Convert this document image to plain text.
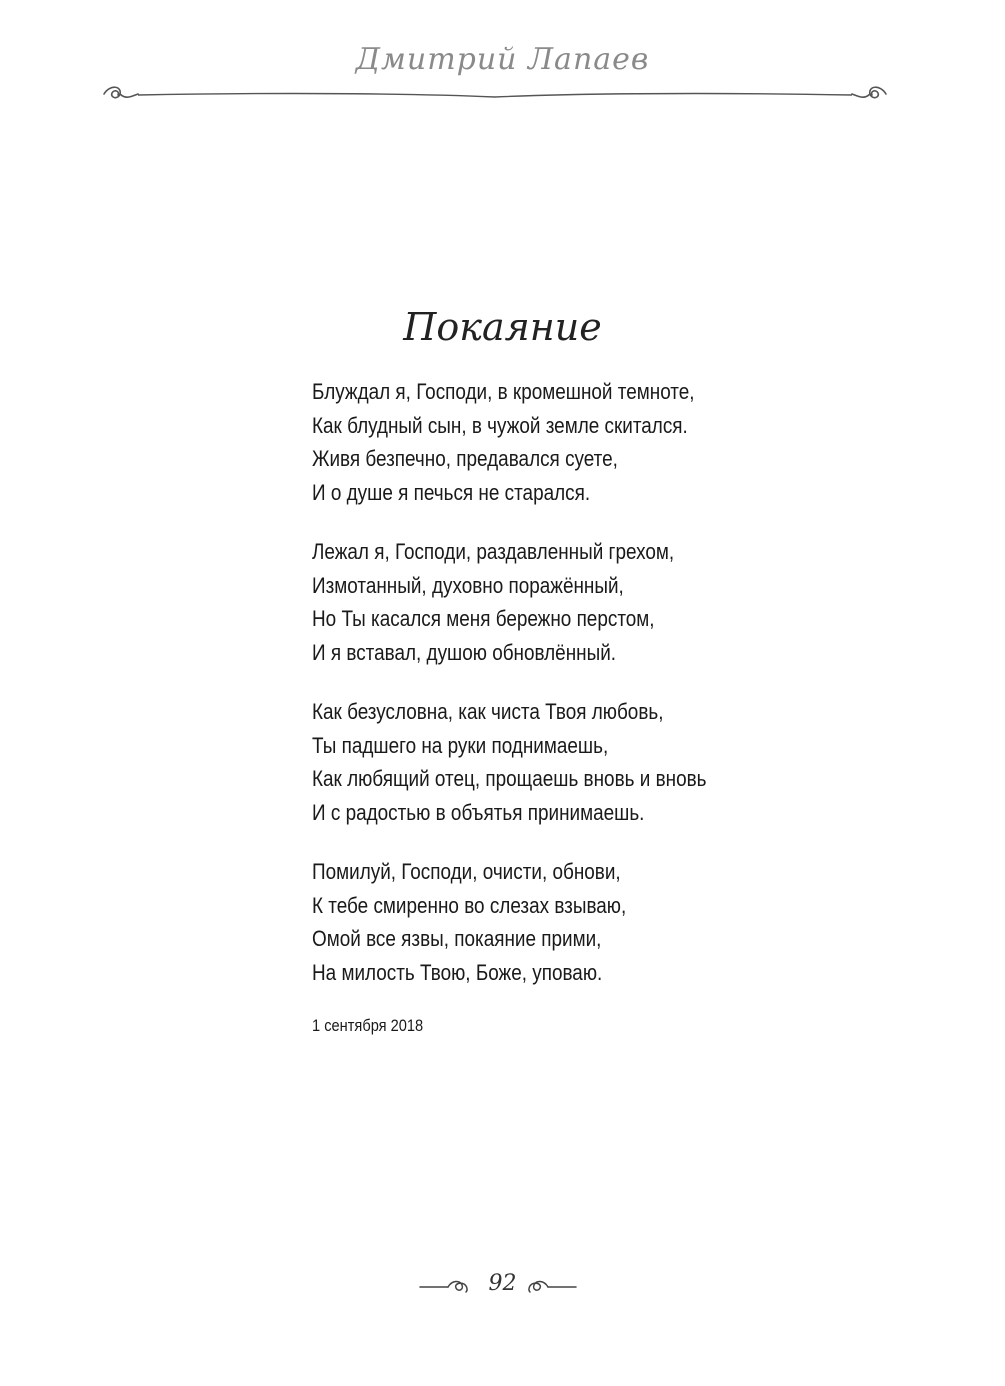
Дмитрий Лапаев
Покаяние
Блуждал я, Господи, в кромешной темноте,
Как блудный сын, в чужой земле скитался.
Живя безпечно, предавался суете,
И о душе я печься не старался.
Лежал я, Господи, раздавленный грехом,
Измотанный, духовно поражённый,
Но Ты касался меня бережно перстом,
И я вставал, душою обновлённый.
Как безусловна, как чиста Твоя любовь,
Ты падшего на руки поднимаешь,
Как любящий отец, прощаешь вновь и вновь
И с радостью в объятья принимаешь.
Помилуй, Господи, очисти, обнови,
К тебе смиренно во слезах взываю,
Омой все язвы, покаяние прими,
На милость Твою, Боже, уповаю.
1 сентября 2018
92
